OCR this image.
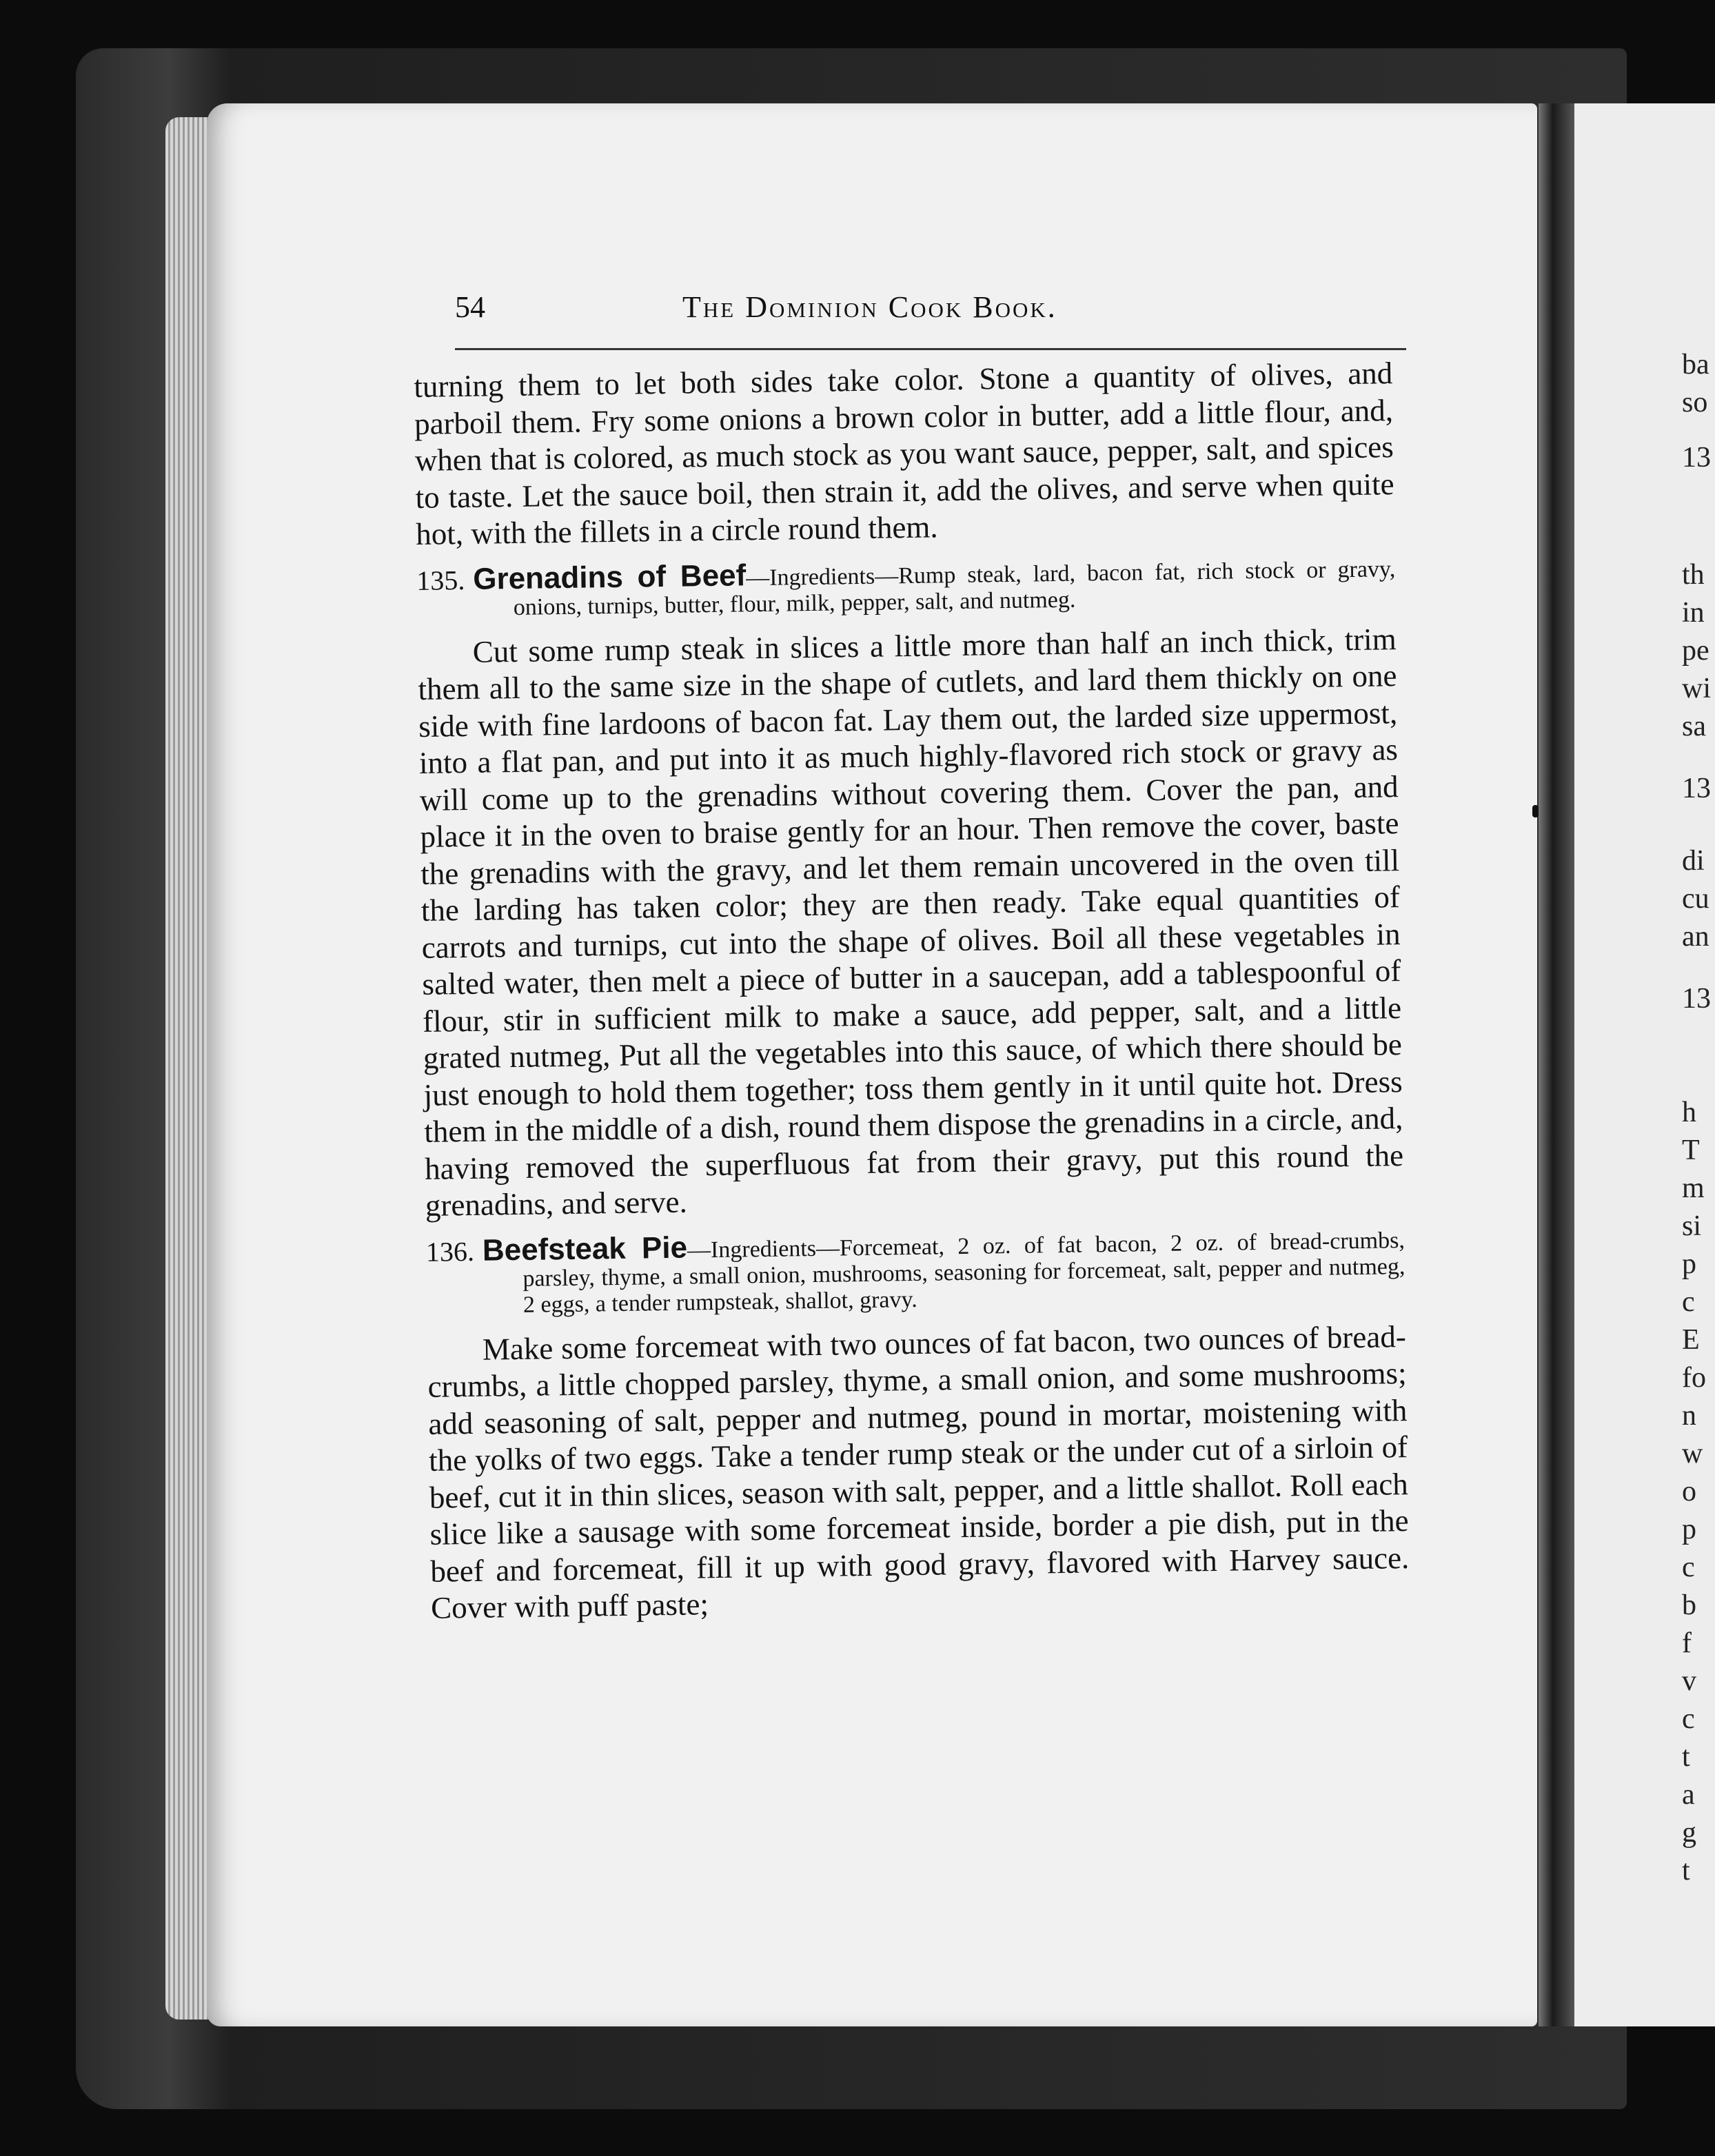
54	The Dominion Cook Book.

turning them to let both sides take color. Stone a quantity of olives, and parboil them. Fry some onions a brown color in butter, add a little flour, and, when that is colored, as much stock as you want sauce, pepper, salt, and spices to taste. Let the sauce boil, then strain it, add the olives, and serve when quite hot, with the fillets in a circle round them.

135. Grenadins of Beef—Ingredients—Rump steak, lard, bacon fat, rich stock or gravy, onions, turnips, butter, flour, milk, pepper, salt, and nutmeg.

Cut some rump steak in slices a little more than half an inch thick, trim them all to the same size in the shape of cutlets, and lard them thickly on one side with fine lardoons of bacon fat. Lay them out, the larded size uppermost, into a flat pan, and put into it as much highly-flavored rich stock or gravy as will come up to the grenadins without covering them. Cover the pan, and place it in the oven to braise gently for an hour. Then remove the cover, baste the grenadins with the gravy, and let them remain uncovered in the oven till the larding has taken color; they are then ready. Take equal quantities of carrots and turnips, cut into the shape of olives. Boil all these vegetables in salted water, then melt a piece of butter in a saucepan, add a tablespoonful of flour, stir in sufficient milk to make a sauce, add pepper, salt, and a little grated nutmeg, Put all the vegetables into this sauce, of which there should be just enough to hold them together; toss them gently in it until quite hot. Dress them in the middle of a dish, round them dispose the grenadins in a circle, and, having removed the superfluous fat from their gravy, put this round the grenadins, and serve.

136. Beefsteak Pie—Ingredients—Forcemeat, 2 oz. of fat bacon, 2 oz. of bread-crumbs, parsley, thyme, a small onion, mushrooms, seasoning for forcemeat, salt, pepper and nutmeg, 2 eggs, a tender rumpsteak, shallot, gravy.

Make some forcemeat with two ounces of fat bacon, two ounces of bread-crumbs, a little chopped parsley, thyme, a small onion, and some mushrooms; add seasoning of salt, pepper and nutmeg, pound in mortar, moistening with the yolks of two eggs. Take a tender rump steak or the under cut of a sirloin of beef, cut it in thin slices, season with salt, pepper, and a little shallot. Roll each slice like a sausage with some forcemeat inside, border a pie dish, put in the beef and forcemeat, fill it up with good gravy, flavored with Harvey sauce. Cover with puff paste;

ba
so
13
th
in
pe
wi
sa
13
di
cu
an
13
h
T
m
si
p
c
E
fo
n
w
o
p
c
b
f
v
c
t
a
g
t
